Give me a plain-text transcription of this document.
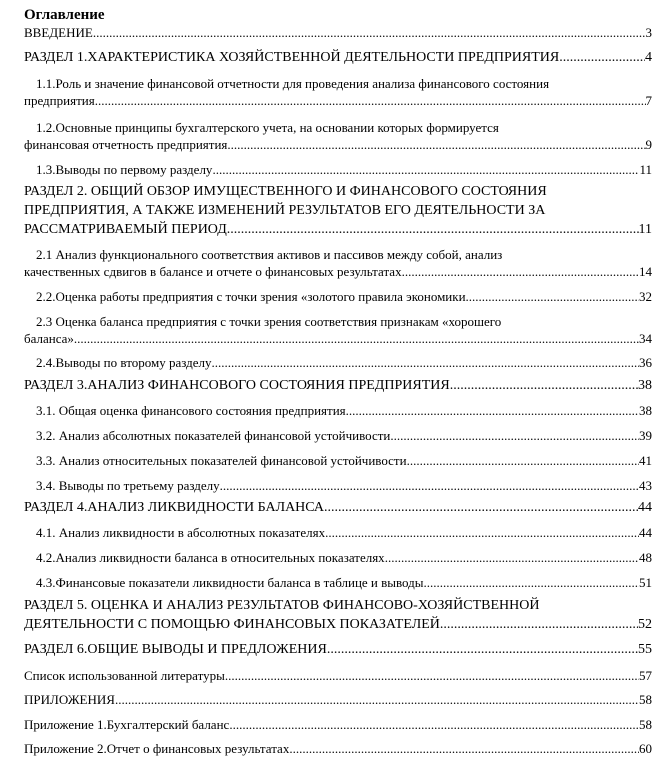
Оглавление
ВВЕДЕНИЕ .....	3
РАЗДЕЛ 1.ХАРАКТЕРИСТИКА ХОЗЯЙСТВЕННОЙ ДЕЯТЕЛЬНОСТИ ПРЕДПРИЯТИЯ .....	4
1.1.Роль и значение финансовой отчетности для проведения анализа финансового состояния
предприятия .....	7
1.2.Основные принципы бухгалтерского учета, на основании которых формируется
финансовая отчетность предприятия .....	9
1.3.Выводы по первому разделу .....	11
РАЗДЕЛ 2. ОБЩИЙ ОБЗОР ИМУЩЕСТВЕННОГО И ФИНАНСОВОГО СОСТОЯНИЯ
ПРЕДПРИЯТИЯ, А ТАКЖЕ ИЗМЕНЕНИЙ РЕЗУЛЬТАТОВ ЕГО ДЕЯТЕЛЬНОСТИ ЗА
РАССМАТРИВАЕМЫЙ ПЕРИОД .....	11
2.1 Анализ функционального соответствия активов и пассивов между собой, анализ
качественных сдвигов в балансе и отчете о финансовых результатах .....	14
2.2.Оценка работы предприятия с точки зрения «золотого правила экономики .....	32
2.3 Оценка баланса предприятия с точки зрения соответствия признакам «хорошего
баланса» .....	34
2.4.Выводы по второму разделу .....	36
РАЗДЕЛ 3.АНАЛИЗ ФИНАНСОВОГО СОСТОЯНИЯ ПРЕДПРИЯТИЯ .....	38
3.1. Общая оценка финансового состояния предприятия .....	38
3.2. Анализ абсолютных показателей финансовой устойчивости .....	39
3.3. Анализ относительных показателей финансовой устойчивости .....	41
3.4. Выводы по третьему разделу .....	43
РАЗДЕЛ 4.АНАЛИЗ ЛИКВИДНОСТИ БАЛАНСА .....	44
4.1. Анализ ликвидности в абсолютных показателях .....	44
4.2.Анализ ликвидности баланса в относительных показателях .....	48
4.3.Финансовые показатели ликвидности баланса в таблице и выводы .....	51
РАЗДЕЛ 5. ОЦЕНКА И АНАЛИЗ РЕЗУЛЬТАТОВ ФИНАНСОВО-ХОЗЯЙСТВЕННОЙ
ДЕЯТЕЛЬНОСТИ С ПОМОЩЬЮ ФИНАНСОВЫХ ПОКАЗАТЕЛЕЙ .....	52
РАЗДЕЛ 6.ОБЩИЕ ВЫВОДЫ И ПРЕДЛОЖЕНИЯ .....	55
Список использованной литературы .....	57
ПРИЛОЖЕНИЯ .....	58
Приложение 1.Бухгалтерский баланс .....	58
Приложение 2.Отчет о финансовых результатах .....	60
